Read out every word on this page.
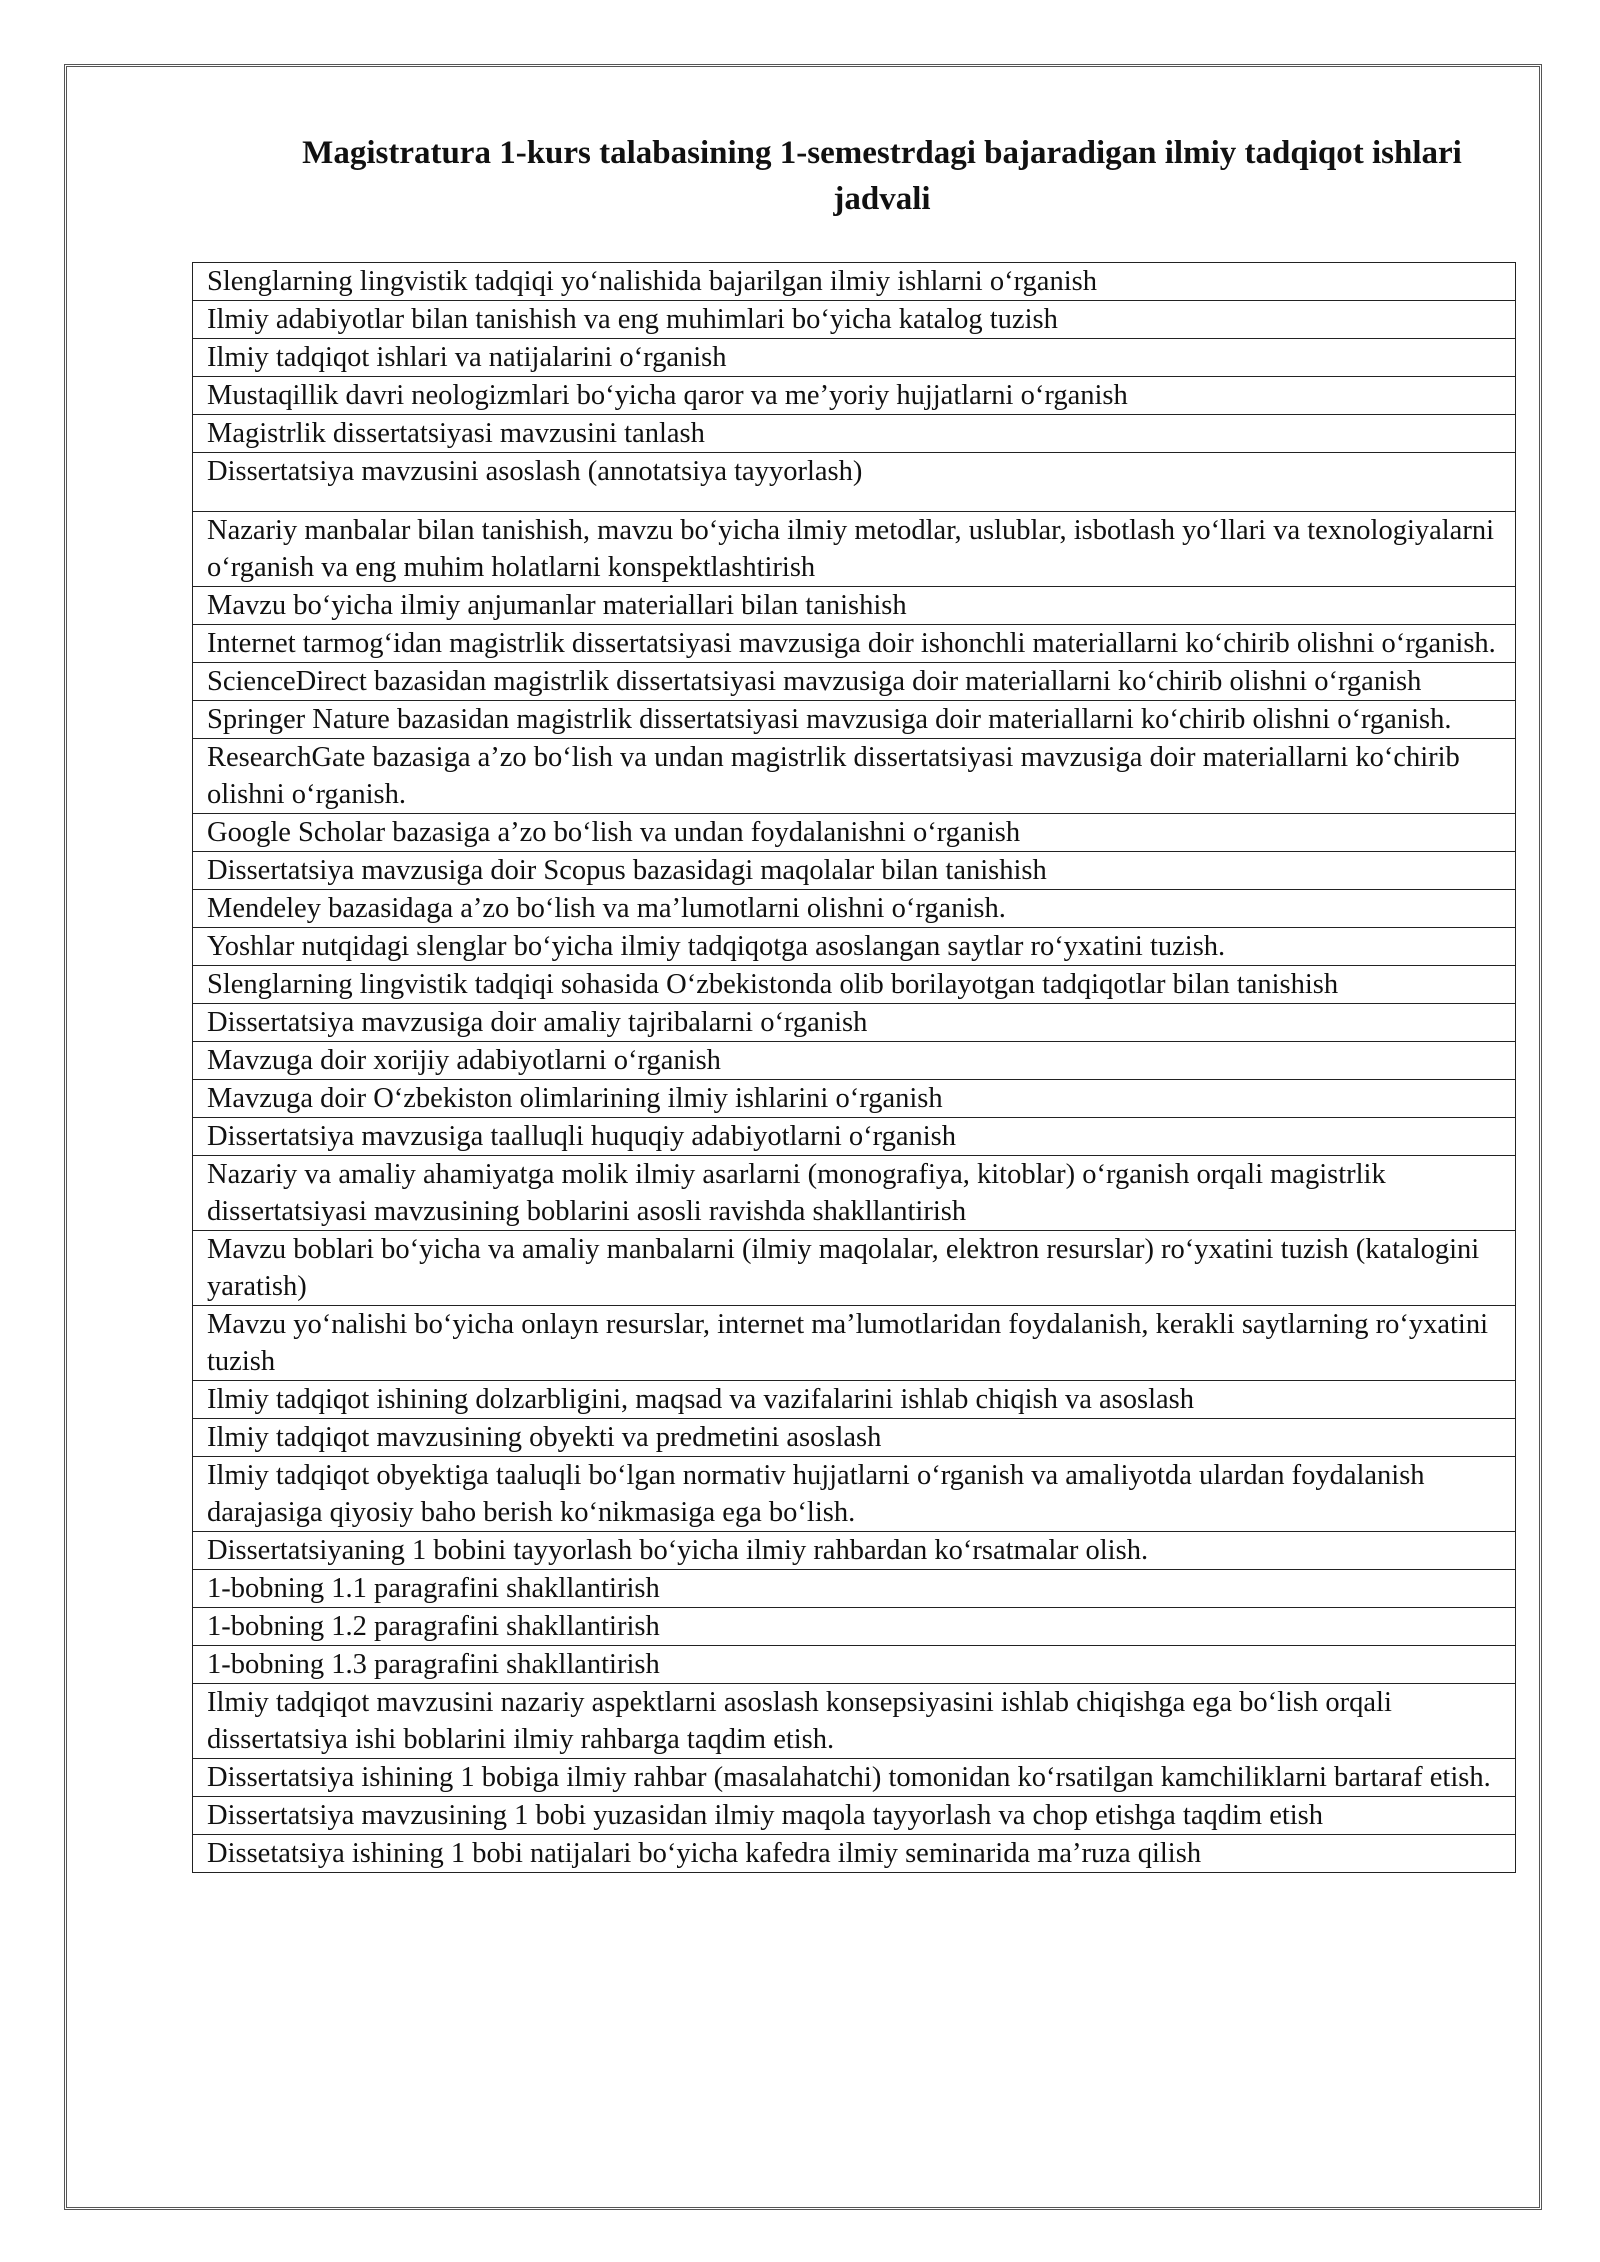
Magistratura 1-kurs talabasining 1-semestrdagi bajaradigan ilmiy tadqiqot ishlari jadvali
Slenglarning lingvistik tadqiqi yo‘nalishida bajarilgan ilmiy ishlarni o‘rganish
Ilmiy adabiyotlar bilan tanishish va eng muhimlari bo‘yicha katalog tuzish
Ilmiy tadqiqot ishlari va natijalarini o‘rganish
Mustaqillik davri neologizmlari bo‘yicha qaror va me’yoriy hujjatlarni o‘rganish
Magistrlik dissertatsiyasi mavzusini tanlash
Dissertatsiya mavzusini asoslash (annotatsiya tayyorlash)
Nazariy manbalar bilan tanishish, mavzu bo‘yicha ilmiy metodlar, uslublar, isbotlash yo‘llari va texnologiyalarni o‘rganish va eng muhim holatlarni konspektlashtirish
Mavzu bo‘yicha ilmiy anjumanlar materiallari bilan tanishish
Internet tarmog‘idan magistrlik dissertatsiyasi mavzusiga doir ishonchli materiallarni ko‘chirib olishni o‘rganish.
ScienceDirect bazasidan magistrlik dissertatsiyasi mavzusiga doir materiallarni ko‘chirib olishni o‘rganish
Springer Nature bazasidan magistrlik dissertatsiyasi mavzusiga doir materiallarni ko‘chirib olishni o‘rganish.
ResearchGate bazasiga a’zo bo‘lish va undan magistrlik dissertatsiyasi mavzusiga doir materiallarni ko‘chirib olishni o‘rganish.
Google Scholar bazasiga a’zo bo‘lish va undan foydalanishni o‘rganish
Dissertatsiya mavzusiga doir Scopus bazasidagi maqolalar bilan tanishish
Mendeley bazasidaga a’zo bo‘lish va ma’lumotlarni olishni o‘rganish.
Yoshlar nutqidagi slenglar bo‘yicha ilmiy tadqiqotga asoslangan saytlar ro‘yxatini tuzish.
Slenglarning lingvistik tadqiqi sohasida O‘zbekistonda olib borilayotgan tadqiqotlar bilan tanishish
Dissertatsiya mavzusiga doir amaliy tajribalarni o‘rganish
Mavzuga doir xorijiy adabiyotlarni o‘rganish
Mavzuga doir O‘zbekiston olimlarining ilmiy ishlarini o‘rganish
Dissertatsiya mavzusiga taalluqli huquqiy adabiyotlarni o‘rganish
Nazariy va amaliy ahamiyatga molik ilmiy asarlarni (monografiya, kitoblar) o‘rganish orqali magistrlik dissertatsiyasi mavzusining boblarini asosli ravishda shakllantirish
Mavzu boblari bo‘yicha va amaliy manbalarni (ilmiy maqolalar, elektron resurslar) ro‘yxatini tuzish (katalogini yaratish)
Mavzu yo‘nalishi bo‘yicha onlayn resurslar, internet ma’lumotlaridan foydalanish, kerakli saytlarning ro‘yxatini tuzish
Ilmiy tadqiqot ishining dolzarbligini, maqsad va vazifalarini ishlab chiqish va asoslash
Ilmiy tadqiqot mavzusining obyekti va predmetini asoslash
Ilmiy tadqiqot obyektiga taaluqli bo‘lgan normativ hujjatlarni o‘rganish va amaliyotda ulardan foydalanish darajasiga qiyosiy baho berish ko‘nikmasiga ega bo‘lish.
Dissertatsiyaning 1 bobini tayyorlash bo‘yicha ilmiy rahbardan ko‘rsatmalar olish.
1-bobning 1.1 paragrafini shakllantirish
1-bobning 1.2 paragrafini shakllantirish
1-bobning 1.3 paragrafini shakllantirish
Ilmiy tadqiqot mavzusini nazariy aspektlarni asoslash konsepsiyasini ishlab chiqishga ega bo‘lish orqali dissertatsiya ishi boblarini ilmiy rahbarga taqdim etish.
Dissertatsiya ishining 1 bobiga ilmiy rahbar (masalahatchi) tomonidan ko‘rsatilgan kamchiliklarni bartaraf etish.
Dissertatsiya mavzusining 1 bobi yuzasidan ilmiy maqola tayyorlash va chop etishga taqdim etish
Dissetatsiya ishining 1 bobi natijalari bo‘yicha kafedra ilmiy seminarida ma’ruza qilish
